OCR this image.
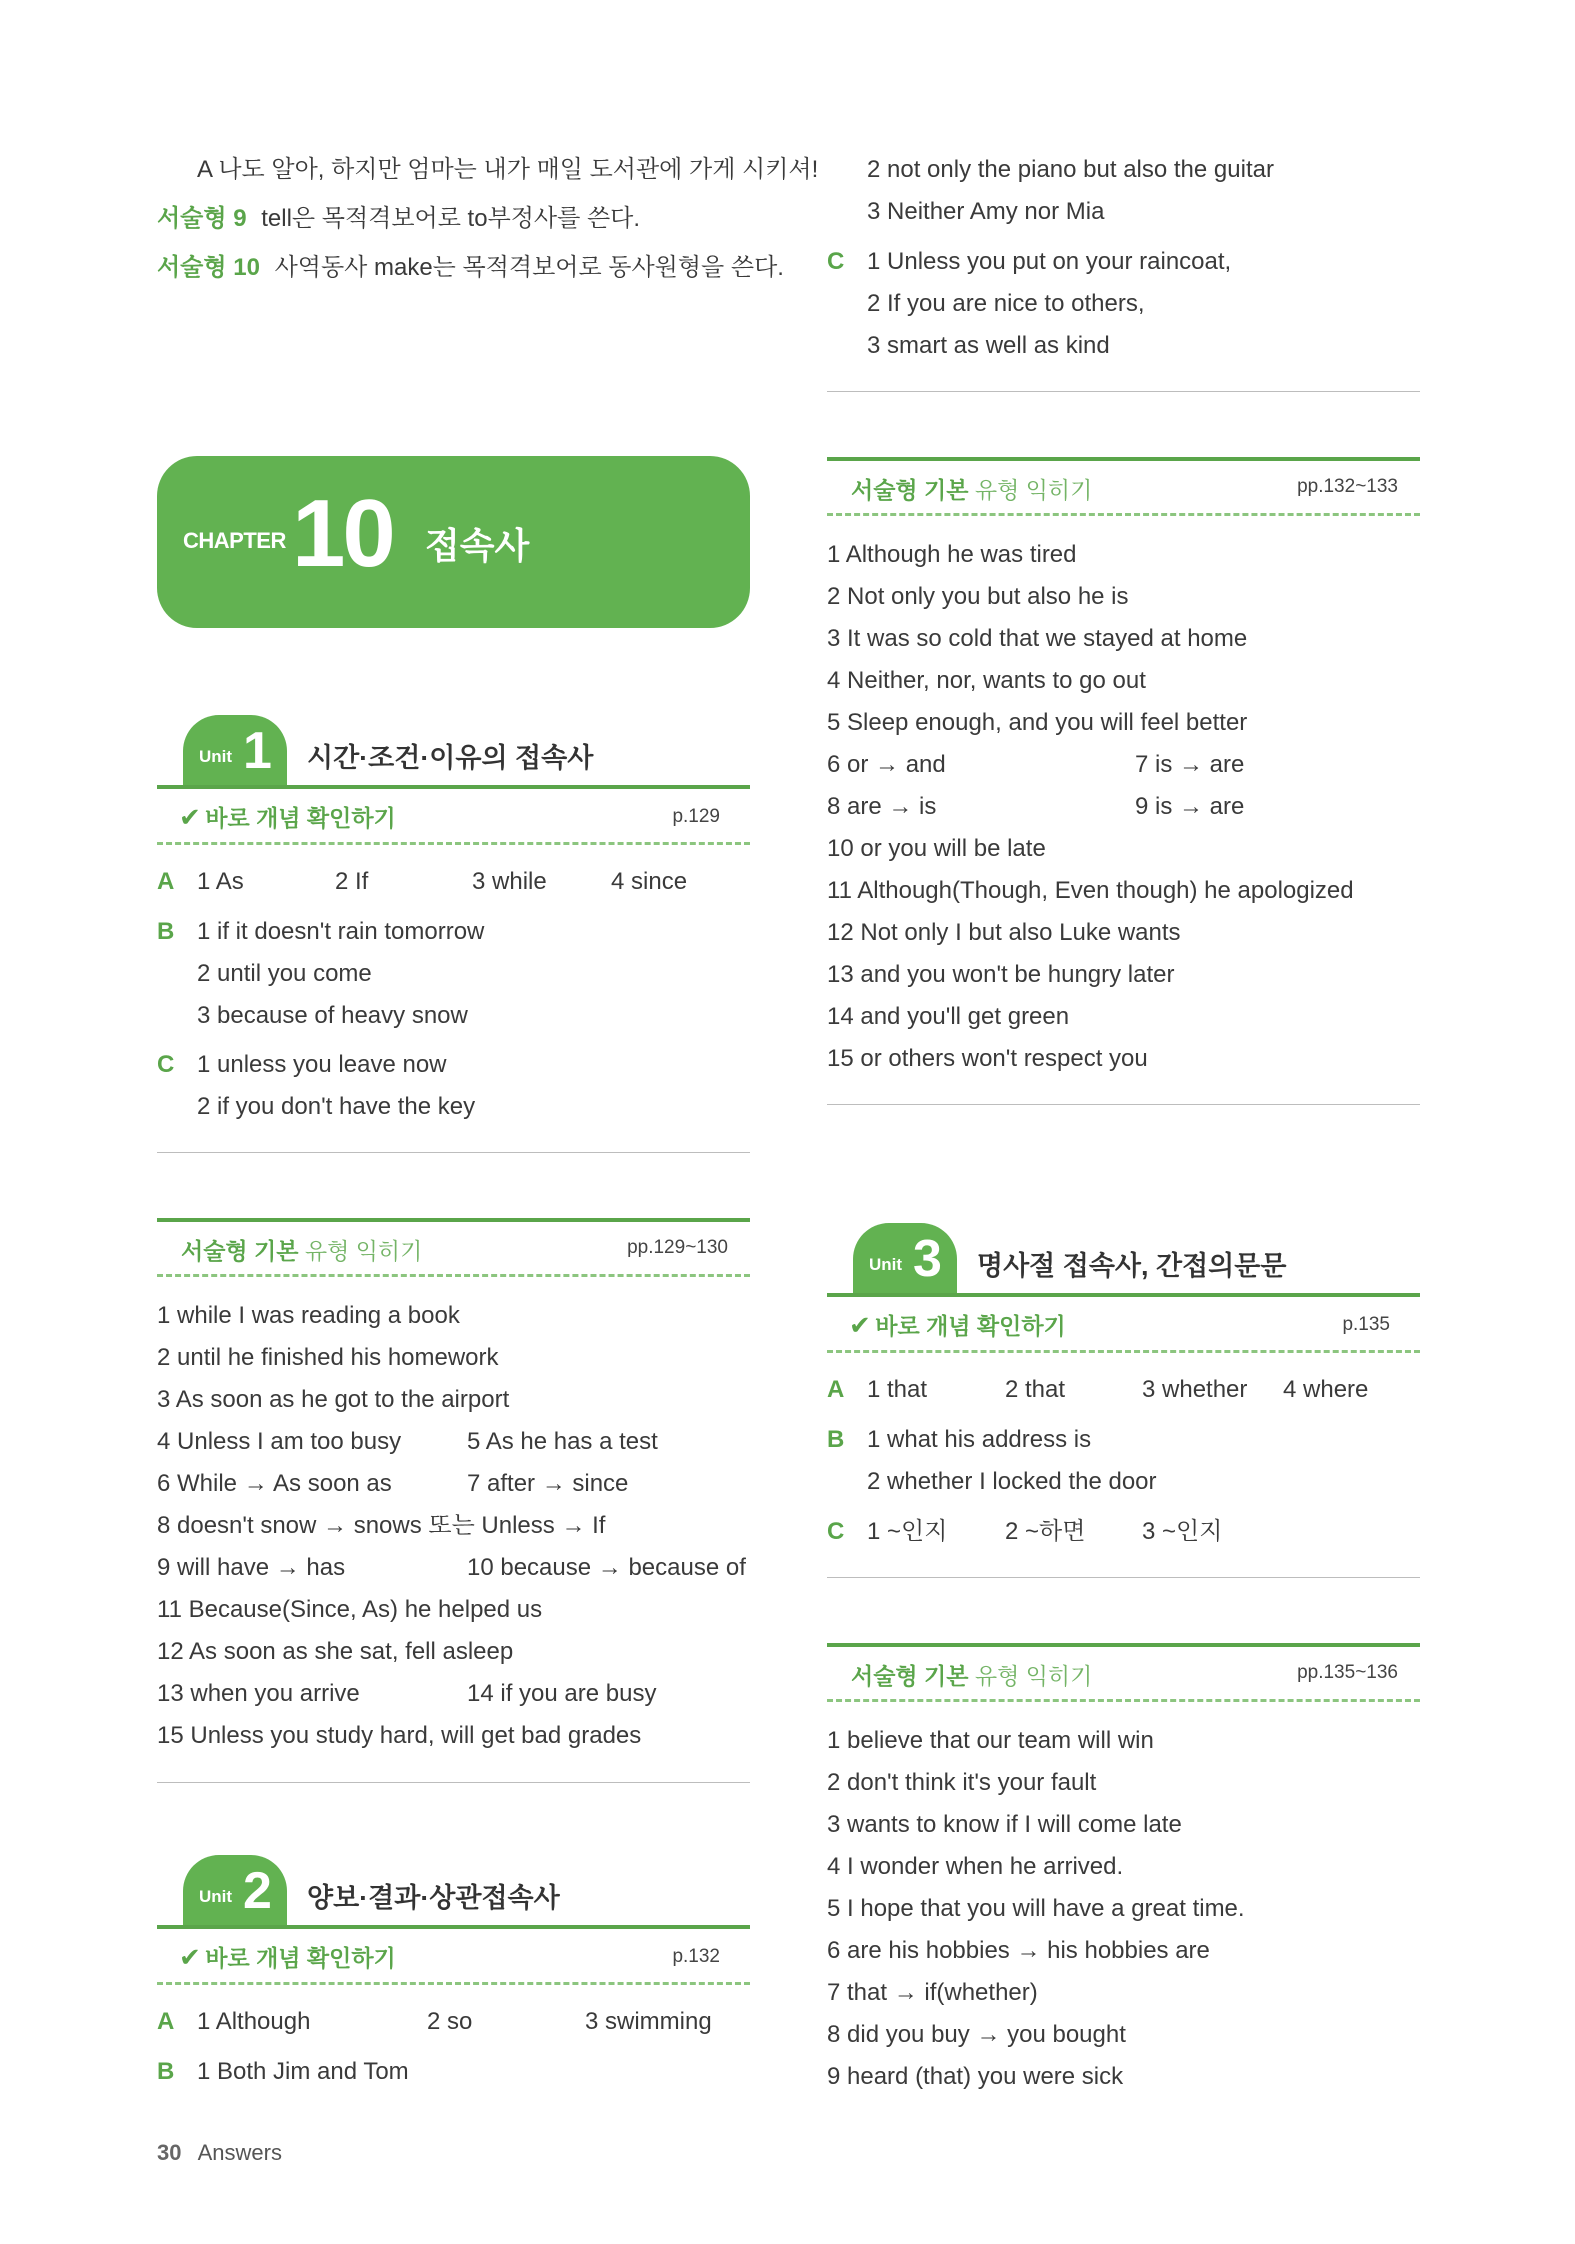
A 나도 알아, 하지만 엄마는 내가 매일 도서관에 가게 시키셔!
서술형 9 tell은 목적격보어로 to부정사를 쓴다.
서술형 10 사역동사 make는 목적격보어로 동사원형을 쓴다.
CHAPTER 10 접속사
Unit 1 시간·조건·이유의 접속사
✔ 바로 개념 확인하기	p.129
A 1 As	2 If	3 while	4 since
B 1 if it doesn't rain tomorrow
2 until you come
3 because of heavy snow
C 1 unless you leave now
2 if you don't have the key
서술형 기본 유형 익히기	pp.129~130
1 while I was reading a book
2 until he finished his homework
3 As soon as he got to the airport
4 Unless I am too busy	5 As he has a test
6 While → As soon as	7 after → since
8 doesn't snow → snows 또는 Unless → If
9 will have → has	10 because → because of
11 Because(Since, As) he helped us
12 As soon as she sat, fell asleep
13 when you arrive	14 if you are busy
15 Unless you study hard, will get bad grades
Unit 2 양보·결과·상관접속사
✔ 바로 개념 확인하기	p.132
A 1 Although	2 so	3 swimming
B 1 Both Jim and Tom
30 Answers
2 not only the piano but also the guitar
3 Neither Amy nor Mia
C 1 Unless you put on your raincoat,
2 If you are nice to others,
3 smart as well as kind
서술형 기본 유형 익히기	pp.132~133
1 Although he was tired
2 Not only you but also he is
3 It was so cold that we stayed at home
4 Neither, nor, wants to go out
5 Sleep enough, and you will feel better
6 or → and	7 is → are
8 are → is	9 is → are
10 or you will be late
11 Although(Though, Even though) he apologized
12 Not only I but also Luke wants
13 and you won't be hungry later
14 and you'll get green
15 or others won't respect you
Unit 3 명사절 접속사, 간접의문문
✔ 바로 개념 확인하기	p.135
A 1 that	2 that	3 whether 4 where
B 1 what his address is
2 whether I locked the door
C 1 ~인지 2 ~하면 3 ~인지
서술형 기본 유형 익히기	pp.135~136
1 believe that our team will win
2 don't think it's your fault
3 wants to know if I will come late
4 I wonder when he arrived.
5 I hope that you will have a great time.
6 are his hobbies → his hobbies are
7 that → if(whether)
8 did you buy → you bought
9 heard (that) you were sick
